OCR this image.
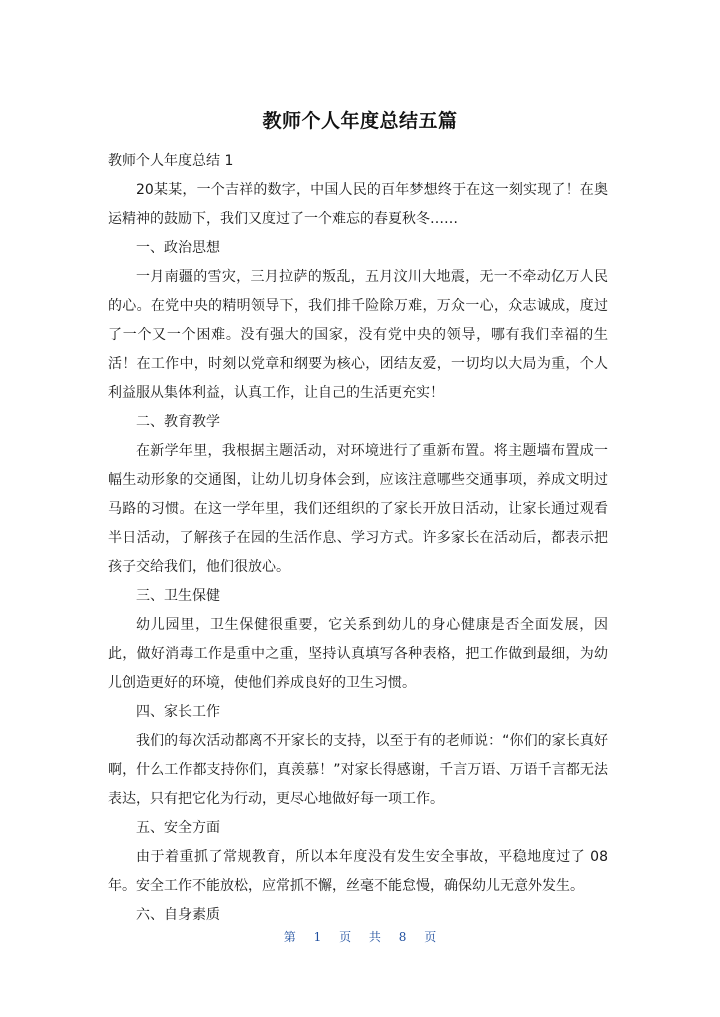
教师个人年度总结五篇

教师个人年度总结 1

20某某，一个吉祥的数字，中国人民的百年梦想终于在这一刻实现了！在奥运精神的鼓励下，我们又度过了一个难忘的春夏秋冬……

一、政治思想

一月南疆的雪灾，三月拉萨的叛乱，五月汶川大地震，无一不牵动亿万人民的心。在党中央的精明领导下，我们排千险除万难，万众一心，众志诚成，度过了一个又一个困难。没有强大的国家，没有党中央的领导，哪有我们幸福的生活！在工作中，时刻以党章和纲要为核心，团结友爱，一切均以大局为重，个人利益服从集体利益，认真工作，让自己的生活更充实！

二、教育教学

在新学年里，我根据主题活动，对环境进行了重新布置。将主题墙布置成一幅生动形象的交通图，让幼儿切身体会到，应该注意哪些交通事项，养成文明过马路的习惯。在这一学年里，我们还组织的了家长开放日活动，让家长通过观看半日活动，了解孩子在园的生活作息、学习方式。许多家长在活动后，都表示把孩子交给我们，他们很放心。

三、卫生保健

幼儿园里，卫生保健很重要，它关系到幼儿的身心健康是否全面发展，因此，做好消毒工作是重中之重，坚持认真填写各种表格，把工作做到最细，为幼儿创造更好的环境，使他们养成良好的卫生习惯。

四、家长工作

我们的每次活动都离不开家长的支持，以至于有的老师说：“你们的家长真好啊，什么工作都支持你们，真羡慕！”对家长得感谢，千言万语、万语千言都无法表达，只有把它化为行动，更尽心地做好每一项工作。

五、安全方面

由于着重抓了常规教育，所以本年度没有发生安全事故，平稳地度过了 08 年。安全工作不能放松，应常抓不懈，丝毫不能怠慢，确保幼儿无意外发生。

六、自身素质

第 1 页 共 8 页
